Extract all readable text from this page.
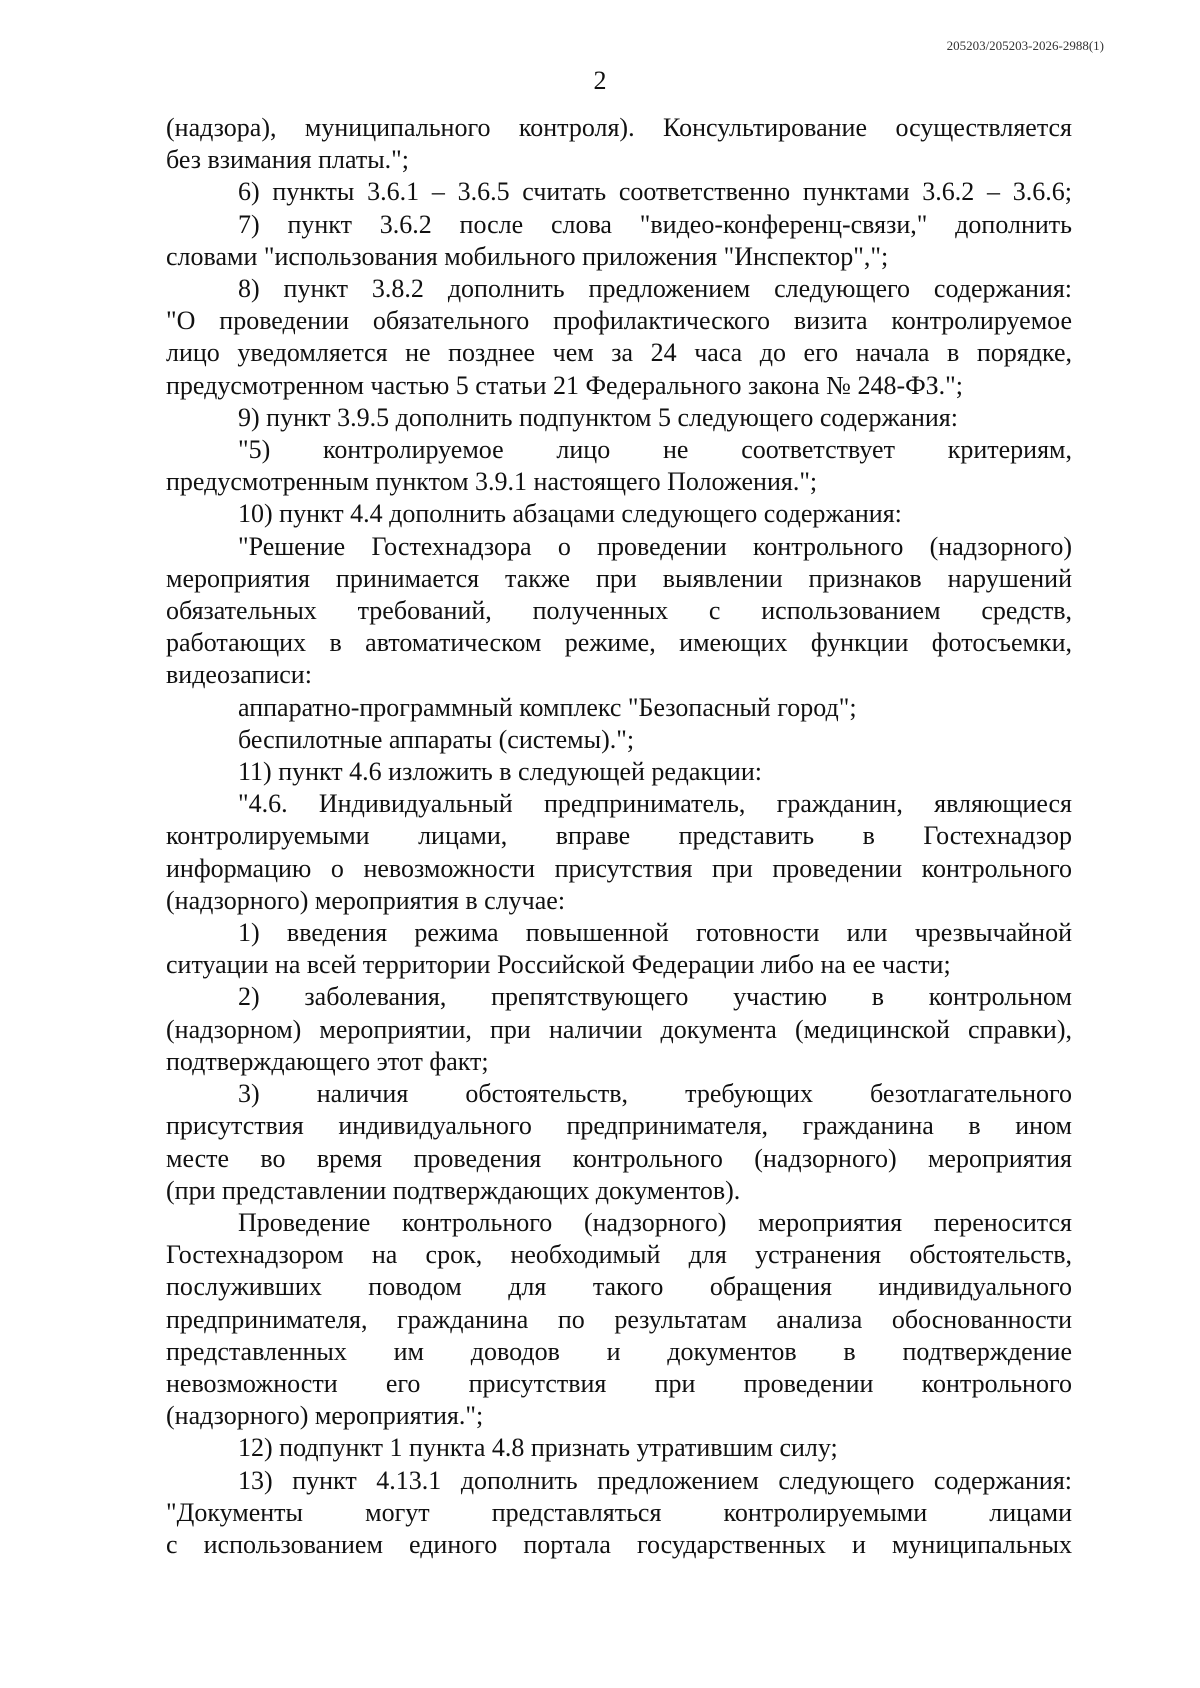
205203/205203-2026-2988(1)
2

(надзора), муниципального контроля). Консультирование осуществляется

без взимания платы.";

6) пункты 3.6.1 – 3.6.5 считать соответственно пунктами 3.6.2 – 3.6.6;

7) пункт 3.6.2 после слова "видео-конференц-связи," дополнить

словами "использования мобильного приложения "Инспектор",";

8) пункт 3.8.2 дополнить предложением следующего содержания:

"О проведении обязательного профилактического визита контролируемое

лицо уведомляется не позднее чем за 24 часа до его начала в порядке,

предусмотренном частью 5 статьи 21 Федерального закона № 248-ФЗ.";

9) пункт 3.9.5 дополнить подпунктом 5 следующего содержания:

"5) контролируемое лицо не соответствует критериям,

предусмотренным пунктом 3.9.1 настоящего Положения.";

10) пункт 4.4 дополнить абзацами следующего содержания:

"Решение Гостехнадзора о проведении контрольного (надзорного)

мероприятия принимается также при выявлении признаков нарушений

обязательных требований, полученных с использованием средств,

работающих в автоматическом режиме, имеющих функции фотосъемки,

видеозаписи:

аппаратно-программный комплекс "Безопасный город";

беспилотные аппараты (системы).";

11) пункт 4.6 изложить в следующей редакции:

"4.6. Индивидуальный предприниматель, гражданин, являющиеся

контролируемыми лицами, вправе представить в Гостехнадзор

информацию о невозможности присутствия при проведении контрольного

(надзорного) мероприятия в случае:

1) введения режима повышенной готовности или чрезвычайной

ситуации на всей территории Российской Федерации либо на ее части;

2) заболевания, препятствующего участию в контрольном

(надзорном) мероприятии, при наличии документа (медицинской справки),

подтверждающего этот факт;

3) наличия обстоятельств, требующих безотлагательного

присутствия индивидуального предпринимателя, гражданина в ином

месте во время проведения контрольного (надзорного) мероприятия

(при представлении подтверждающих документов).

Проведение контрольного (надзорного) мероприятия переносится

Гостехнадзором на срок, необходимый для устранения обстоятельств,

послуживших поводом для такого обращения индивидуального

предпринимателя, гражданина по результатам анализа обоснованности

представленных им доводов и документов в подтверждение

невозможности его присутствия при проведении контрольного

(надзорного) мероприятия.";

12) подпункт 1 пункта 4.8 признать утратившим силу;

13) пункт 4.13.1 дополнить предложением следующего содержания:

"Документы могут представляться контролируемыми лицами

с использованием единого портала государственных и муниципальных
